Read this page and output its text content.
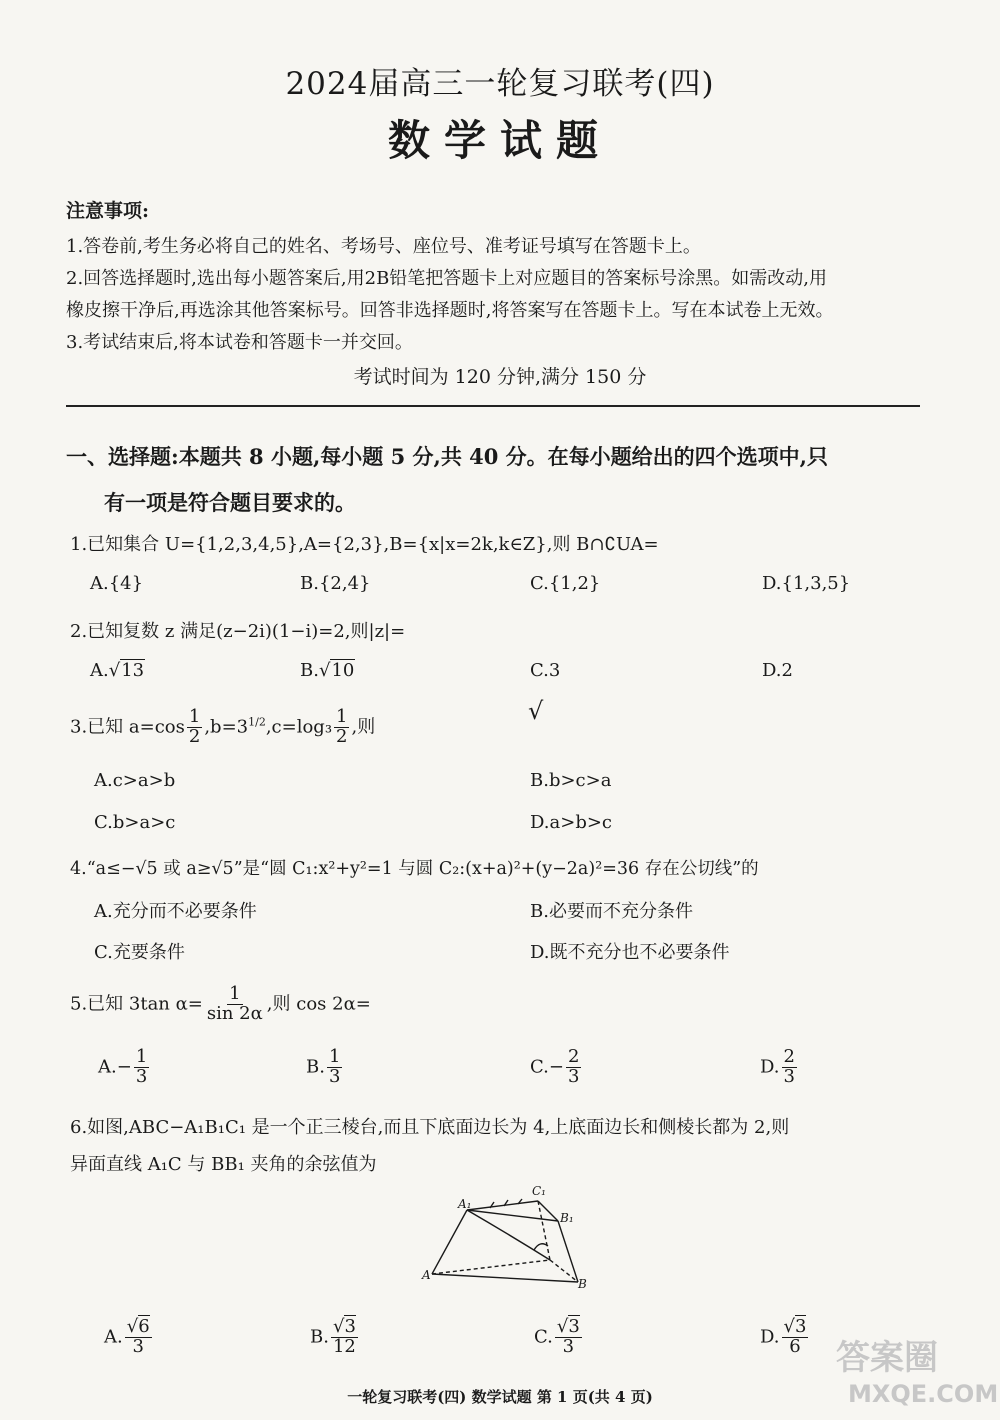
2024届高三一轮复习联考(四)
数学试题
注意事项:
1.答卷前,考生务必将自己的姓名、考场号、座位号、准考证号填写在答题卡上。
2.回答选择题时,选出每小题答案后,用2B铅笔把答题卡上对应题目的答案标号涂黑。如需改动,用
橡皮擦干净后,再选涂其他答案标号。回答非选择题时,将答案写在答题卡上。写在本试卷上无效。
3.考试结束后,将本试卷和答题卡一并交回。
考试时间为 120 分钟,满分 150 分
一、选择题:本题共 8 小题,每小题 5 分,共 40 分。在每小题给出的四个选项中,只
有一项是符合题目要求的。
1.已知集合 U={1,2,3,4,5},A={2,3},B={x|x=2k,k∈Z},则 B∩∁UA=
A.{4}	B.{2,4}	C.{1,2}	D.{1,3,5}
2.已知复数 z 满足(z−2i)(1−i)=2,则|z|=
A.√13	B.√10	C.3	D.2
√
3.已知 $a=\cos \frac{1}{2} ,b=3^{1/2},c=\log_3 \frac{1}{2}$ ,则
A.c>a>b	B.b>c>a
C.b>a>c	D.a>b>c
4.“a≤−√5 或 a≥√5”是“圆 C₁:x²+y²=1 与圆 C₂:(x+a)²+(y−2a)²=36 存在公切线”的
A.充分而不必要条件	B.必要而不充分条件
C.充要条件	D.既不充分也不必要条件
5.已知 3tan $\alpha= \frac{1}{\sin 2\alpha}$ ,则 cos 2α=
$A.- \frac{1}{3}$	B. $\frac{1}{3}$	$C.- \frac{2}{3}$	D. $\frac{2}{3}$
6.如图,ABC−A₁B₁C₁ 是一个正三棱台,而且下底面边长为 4,上底面边长和侧棱长都为 2,则
异面直线 A₁C 与 BB₁ 夹角的余弦值为
A₁
C₁
B₁
A
B
A. $\frac{√6}{3}$	B. $\frac{√3}{12}$	C. $\frac{√3}{3}$	D. $\frac{√3}{6}$
答案圈
MXQE.COM
一轮复习联考(四) 数学试题 第 1 页(共 4 页)
